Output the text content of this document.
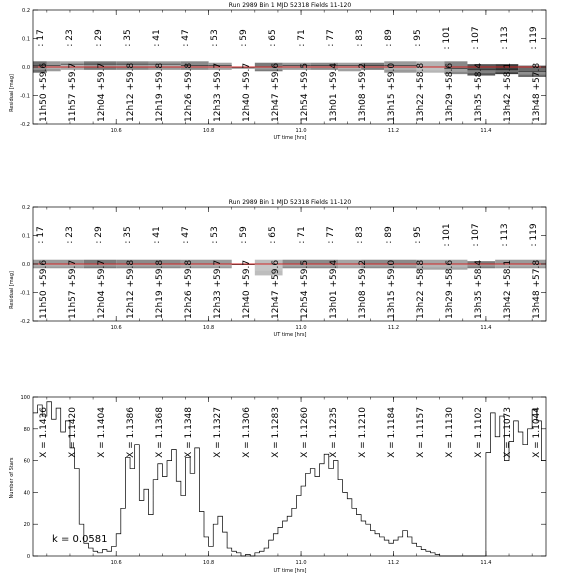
: 17 : 23 : 29 : 35 : 41 : 47 : 53 : 59 : 65 : 71 : 77 : 83 : 89 : 95 : 101 : 107 : 113 : 119
11h50 +59.6 11h57 +59.7 12h04 +59.7 12h12 +59.8 12h19 +59.8 12h26 +59.8 12h33 +59.7 12h40 +59.7 12h47 +59.6 12h54 +59.5 13h01 +59.4 13h08 +59.2 13h15 +59.0 13h22 +58.8 13h29 +58.6 13h35 +58.4 13h42 +58.1 13h48 +57.8
10.6	10.8	11.0	11.2	11.4
-0.2
-0.1
0.0
0.1
0.2
: 17 : 23 : 29 : 35 : 41 : 47 : 53 : 59 : 65 : 71 : 77 : 83 : 89 : 95 : 101 : 107 : 113 : 119
11h50 +59.6 11h57 +59.7 12h04 +59.7 12h12 +59.8 12h19 +59.8 12h26 +59.8 12h33 +59.7 12h40 +59.7 12h47 +59.6 12h54 +59.5 13h01 +59.4 13h08 +59.2 13h15 +59.0 13h22 +58.8 13h29 +58.6 13h35 +58.4 13h42 +58.1 13h48 +57.8
10.6	10.8	11.0	11.2	11.4
-0.2
-0.1
0.0
0.1
0.2
X = 1.1436 X = 1.1420 X = 1.1404 X = 1.1386 X = 1.1368 X = 1.1348 X = 1.1327 X = 1.1306 X = 1.1283 X = 1.1260 X = 1.1235 X = 1.1210 X = 1.1184 X = 1.1157 X = 1.1130 X = 1.1102 X = 1.1073 X = 1.1044
10.6	10.8	11.0	11.2	11.4
0
20
40
60
80
100
Run 2989 Bin 1 MJD 52318 Fields 11-120
UT time [hrs]
Residual [mag]
Run 2989 Bin 1 MJD 52318 Fields 11-120
UT time [hrs]
Residual [mag]
UT time [hrs]
Number of Stars
k = 0.0581
